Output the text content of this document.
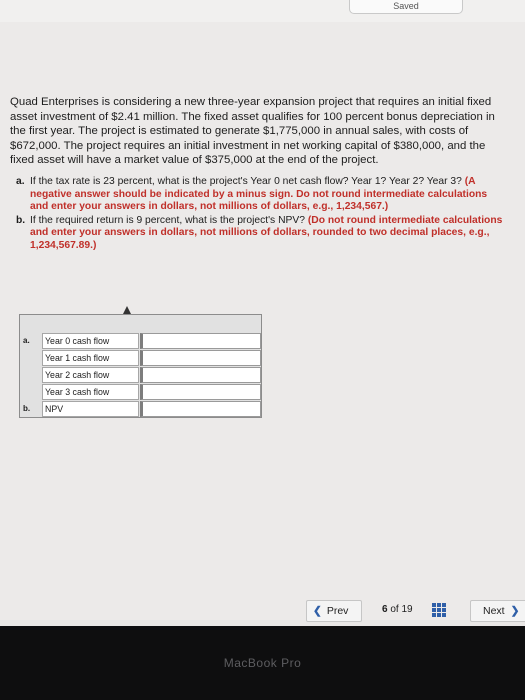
Saved

Quad Enterprises is considering a new three-year expansion project that requires an initial fixed asset investment of $2.41 million. The fixed asset qualifies for 100 percent bonus depreciation in the first year. The project is estimated to generate $1,775,000 in annual sales, with costs of $672,000. The project requires an initial investment in net working capital of $380,000, and the fixed asset will have a market value of $375,000 at the end of the project.

a. If the tax rate is 23 percent, what is the project's Year 0 net cash flow? Year 1? Year 2? Year 3? (A negative answer should be indicated by a minus sign. Do not round intermediate calculations and enter your answers in dollars, not millions of dollars, e.g., 1,234,567.)
b. If the required return is 9 percent, what is the project's NPV? (Do not round intermediate calculations and enter your answers in dollars, not millions of dollars, rounded to two decimal places, e.g., 1,234,567.89.)
a.	Year 0 cash flow
Year 1 cash flow
Year 2 cash flow
Year 3 cash flow
b.	NPV
❮ Prev	6 of 19	Next ❯
MacBook Pro
